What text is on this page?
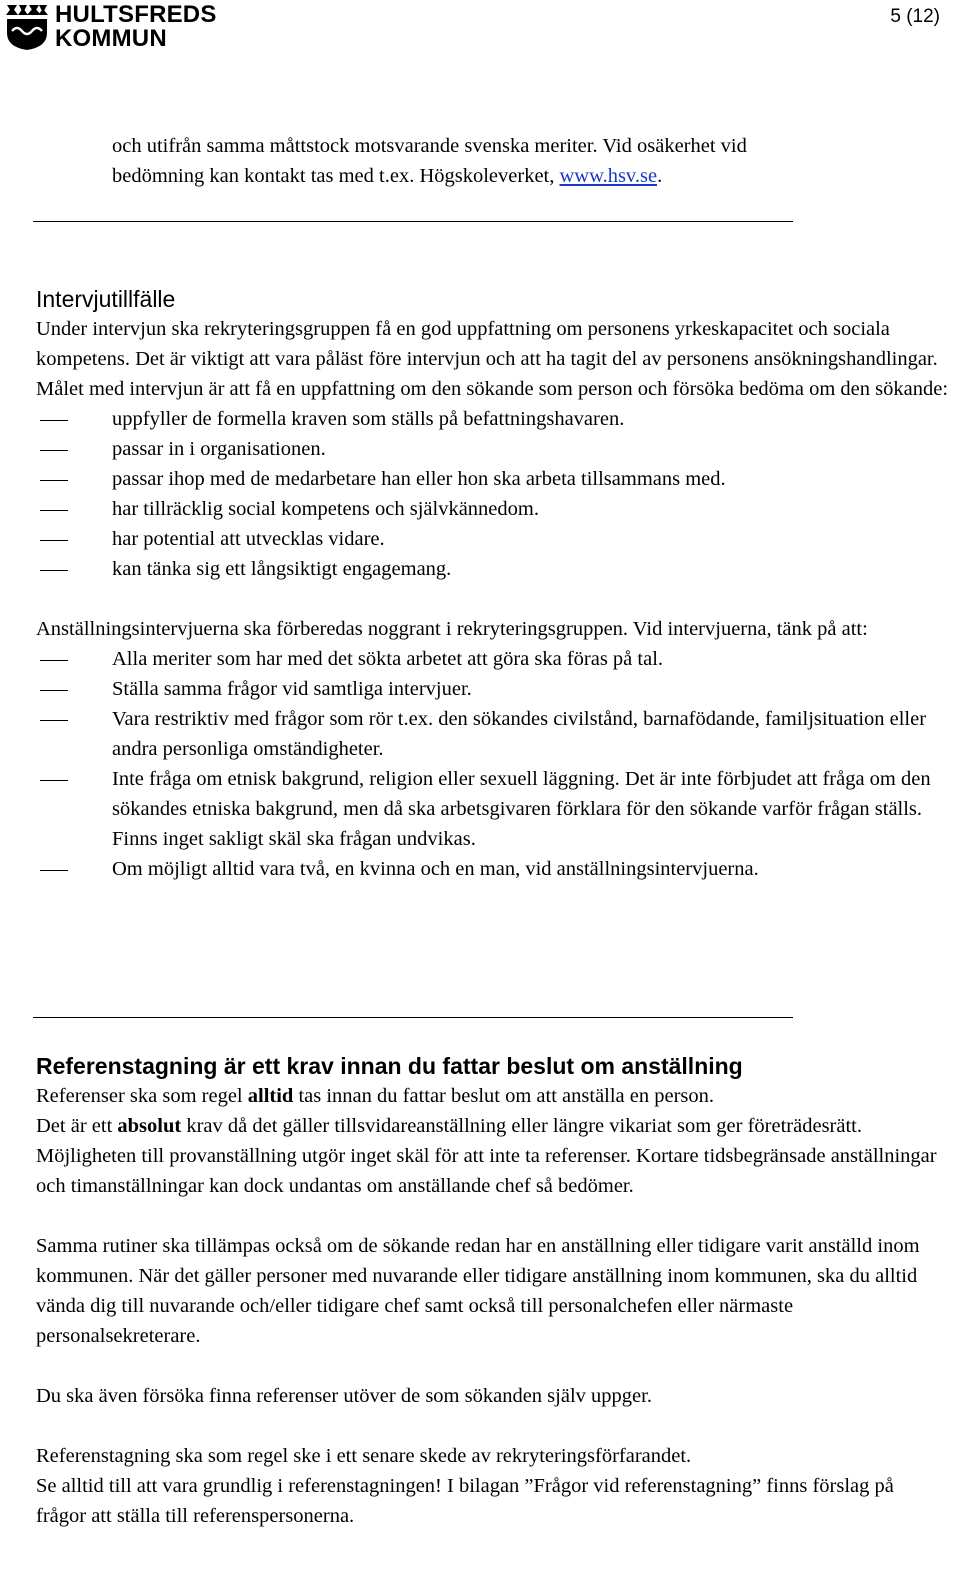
HULTSFREDS
KOMMUN
5 (12)
och utifrån samma måttstock motsvarande svenska meriter. Vid osäkerhet vid
bedömning kan kontakt tas med t.ex. Högskoleverket, www.hsv.se.
Intervjutillfälle

Under intervjun ska rekryteringsgruppen få en god uppfattning om personens yrkeskapacitet och sociala kompetens. Det är viktigt att vara påläst före intervjun och att ha tagit del av personens ansökningshandlingar. Målet med intervjun är att få en uppfattning om den sökande som person och försöka bedöma om den sökande:

uppfyller de formella kraven som ställs på befattningshavaren.
passar in i organisationen.
passar ihop med de medarbetare han eller hon ska arbeta tillsammans med.
har tillräcklig social kompetens och självkännedom.
har potential att utvecklas vidare.
kan tänka sig ett långsiktigt engagemang.

Anställningsintervjuerna ska förberedas noggrant i rekryteringsgruppen. Vid intervjuerna, tänk på att:

Alla meriter som har med det sökta arbetet att göra ska föras på tal.
Ställa samma frågor vid samtliga intervjuer.
Vara restriktiv med frågor som rör t.ex. den sökandes civilstånd, barnafödande, familjsituation eller andra personliga omständigheter.
Inte fråga om etnisk bakgrund, religion eller sexuell läggning. Det är inte förbjudet att fråga om den sökandes etniska bakgrund, men då ska arbetsgivaren förklara för den sökande varför frågan ställs. Finns inget sakligt skäl ska frågan undvikas.
Om möjligt alltid vara två, en kvinna och en man, vid anställningsintervjuerna.
Referenstagning är ett krav innan du fattar beslut om anställning

Referenser ska som regel alltid tas innan du fattar beslut om att anställa en person.

Det är ett absolut krav då det gäller tillsvidareanställning eller längre vikariat som ger företrädesrätt. Möjligheten till provanställning utgör inget skäl för att inte ta referenser. Kortare tidsbegränsade anställningar och timanställningar kan dock undantas om anställande chef så bedömer.

Samma rutiner ska tillämpas också om de sökande redan har en anställning eller tidigare varit anställd inom kommunen. När det gäller personer med nuvarande eller tidigare anställning inom kommunen, ska du alltid vända dig till nuvarande och/eller tidigare chef samt också till personalchefen eller närmaste personalsekreterare.

Du ska även försöka finna referenser utöver de som sökanden själv uppger.

Referenstagning ska som regel ske i ett senare skede av rekryteringsförfarandet.

Se alltid till att vara grundlig i referenstagningen! I bilagan ”Frågor vid referenstagning” finns förslag på frågor att ställa till referenspersonerna.
